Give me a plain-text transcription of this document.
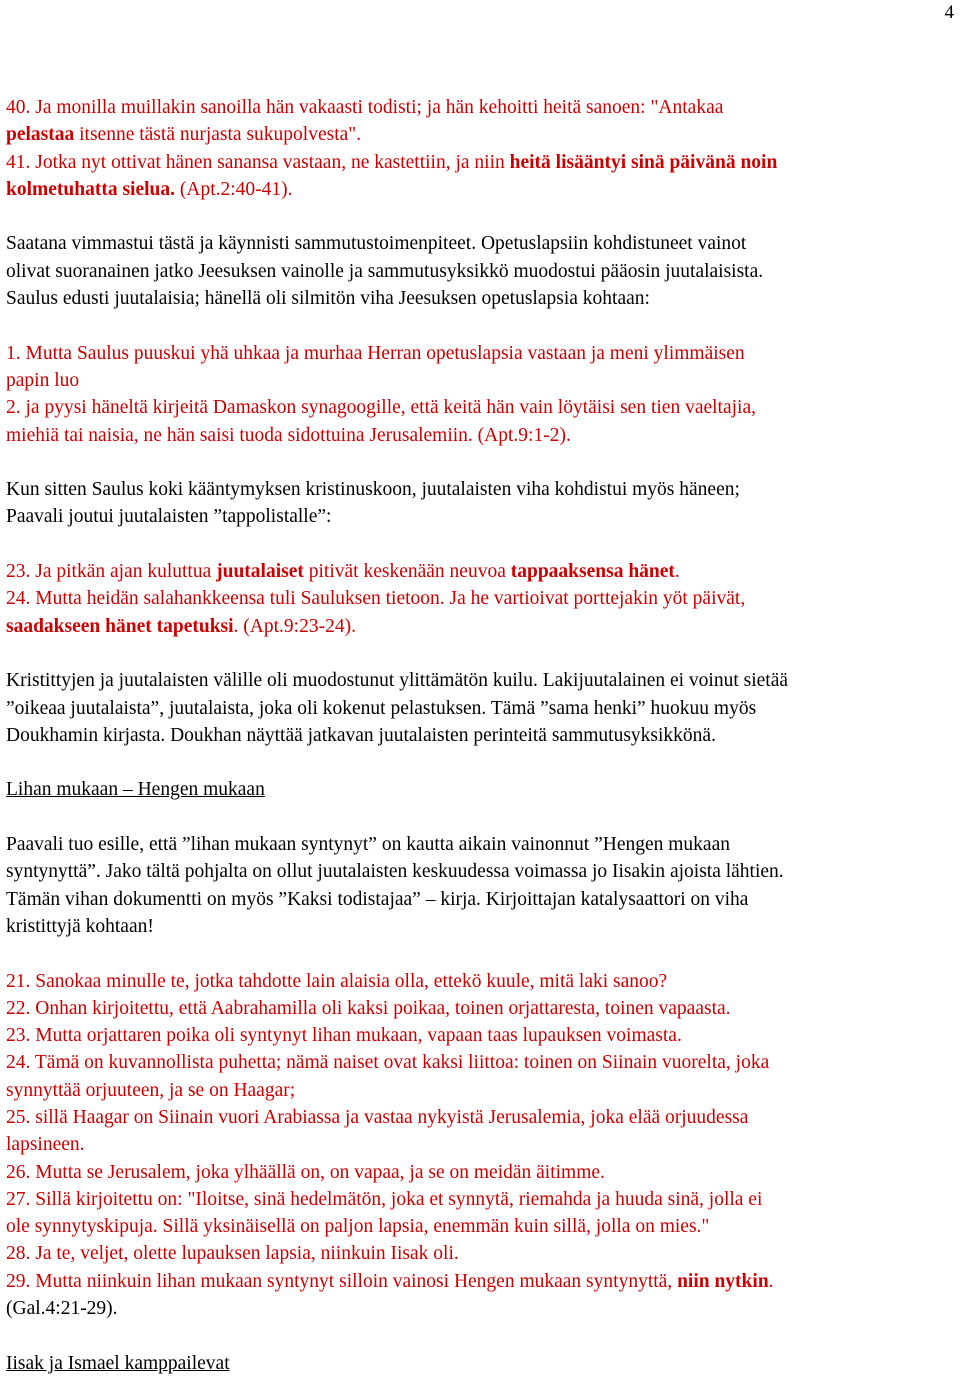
4
40. Ja monilla muillakin sanoilla hän vakaasti todisti; ja hän kehoitti heitä sanoen: "Antakaa
pelastaa itsenne tästä nurjasta sukupolvesta".
41. Jotka nyt ottivat hänen sanansa vastaan, ne kastettiin, ja niin heitä lisääntyi sinä päivänä noin
kolmetuhatta sielua. (Apt.2:40-41).
Saatana vimmastui tästä ja käynnisti sammutustoimenpiteet. Opetuslapsiin kohdistuneet vainot
olivat suoranainen jatko Jeesuksen vainolle ja sammutusyksikkö muodostui pääosin juutalaisista.
Saulus edusti juutalaisia; hänellä oli silmitön viha Jeesuksen opetuslapsia kohtaan:
1. Mutta Saulus puuskui yhä uhkaa ja murhaa Herran opetuslapsia vastaan ja meni ylimmäisen
papin luo
2. ja pyysi häneltä kirjeitä Damaskon synagoogille, että keitä hän vain löytäisi sen tien vaeltajia,
miehiä tai naisia, ne hän saisi tuoda sidottuina Jerusalemiin. (Apt.9:1-2).
Kun sitten Saulus koki kääntymyksen kristinuskoon, juutalaisten viha kohdistui myös häneen;
Paavali joutui juutalaisten ”tappolistalle”:
23. Ja pitkän ajan kuluttua juutalaiset pitivät keskenään neuvoa tappaaksensa hänet.
24. Mutta heidän salahankkeensa tuli Sauluksen tietoon. Ja he vartioivat porttejakin yöt päivät,
saadakseen hänet tapetuksi. (Apt.9:23-24).
Kristittyjen ja juutalaisten välille oli muodostunut ylittämätön kuilu. Lakijuutalainen ei voinut sietää
”oikeaa juutalaista”, juutalaista, joka oli kokenut pelastuksen. Tämä ”sama henki” huokuu myös
Doukhamin kirjasta. Doukhan näyttää jatkavan juutalaisten perinteitä sammutusyksikkönä.
Lihan mukaan – Hengen mukaan
Paavali tuo esille, että ”lihan mukaan syntynyt” on kautta aikain vainonnut ”Hengen mukaan
syntynyttä”. Jako tältä pohjalta on ollut juutalaisten keskuudessa voimassa jo Iisakin ajoista lähtien.
Tämän vihan dokumentti on myös ”Kaksi todistajaa” – kirja. Kirjoittajan katalysaattori on viha
kristittyjä kohtaan!
21. Sanokaa minulle te, jotka tahdotte lain alaisia olla, ettekö kuule, mitä laki sanoo?
22. Onhan kirjoitettu, että Aabrahamilla oli kaksi poikaa, toinen orjattaresta, toinen vapaasta.
23. Mutta orjattaren poika oli syntynyt lihan mukaan, vapaan taas lupauksen voimasta.
24. Tämä on kuvannollista puhetta; nämä naiset ovat kaksi liittoa: toinen on Siinain vuorelta, joka
synnyttää orjuuteen, ja se on Haagar;
25. sillä Haagar on Siinain vuori Arabiassa ja vastaa nykyistä Jerusalemia, joka elää orjuudessa
lapsineen.
26. Mutta se Jerusalem, joka ylhäällä on, on vapaa, ja se on meidän äitimme.
27. Sillä kirjoitettu on: "Iloitse, sinä hedelmätön, joka et synnytä, riemahda ja huuda sinä, jolla ei
ole synnytyskipuja. Sillä yksinäisellä on paljon lapsia, enemmän kuin sillä, jolla on mies."
28. Ja te, veljet, olette lupauksen lapsia, niinkuin Iisak oli.
29. Mutta niinkuin lihan mukaan syntynyt silloin vainosi Hengen mukaan syntynyttä, niin nytkin.
(Gal.4:21-29).
Iisak ja Ismael kamppailevat
